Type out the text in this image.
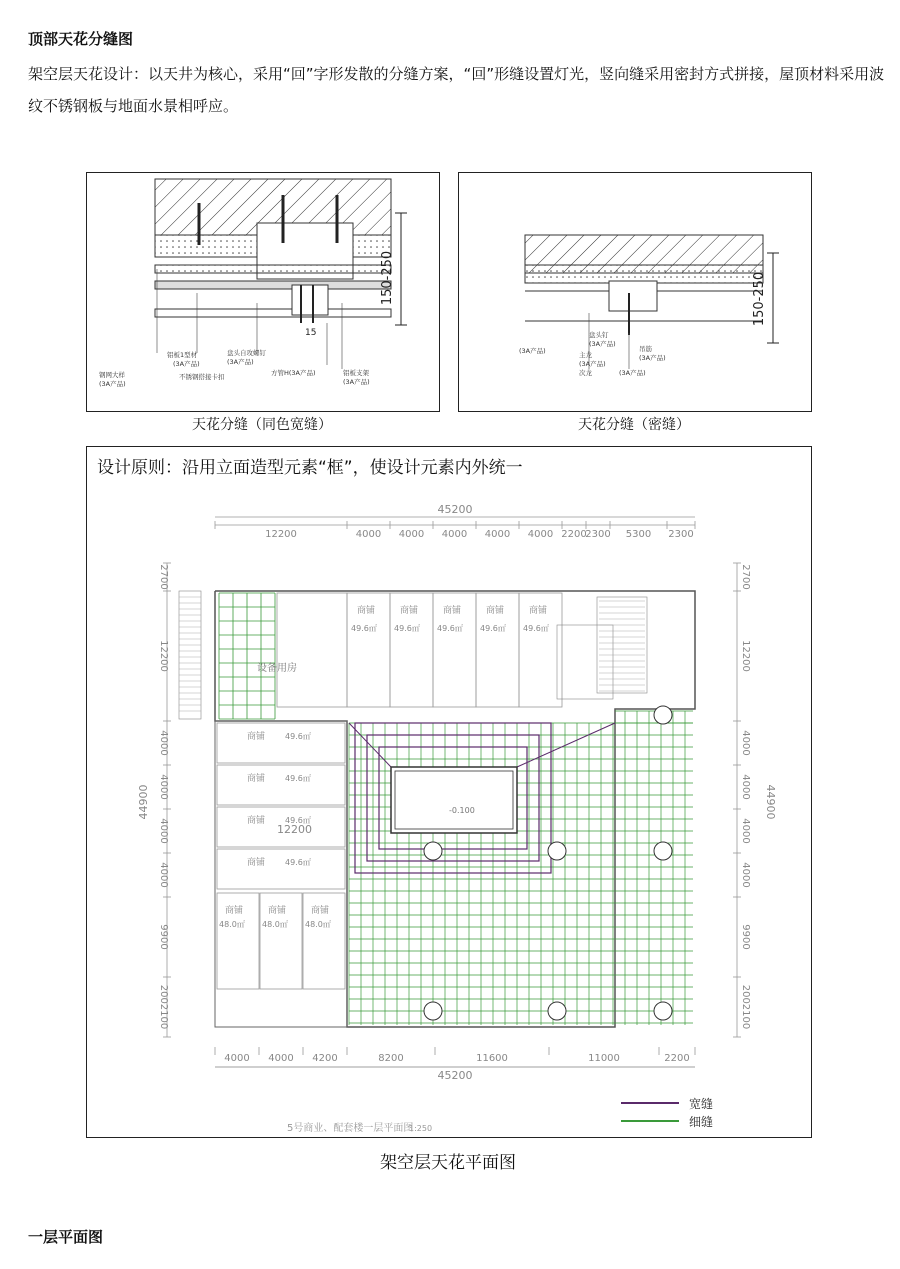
顶部天花分缝图
架空层天花设计：以天井为核心，采用“回”字形发散的分缝方案，“回”形缝设置灯光，竖向缝采用密封方式拼接，屋顶材料采用波纹不锈钢板与地面水景相呼应。
150-250
15
铝板1型材
(3A产品)
盘头自攻螺钉
(3A产品)
钢网大样
(3A产品)
不锈钢搭接卡扣	方管H(3A产品)	铝板支架
(3A产品)
天花分缝（同色宽缝）
150-250
(3A产品)
盘头钉
(3A产品)
吊筋
(3A产品)
主龙
(3A产品)
次龙	(3A产品)
天花分缝（密缝）
设计原则：沿用立面造型元素“框”，使设计元素内外统一
45200
12200	4000 4000 4000 4000 4000 2200
2300 5300 2300
4000 4000 4200	8200	11600	11000	2200
45200
2700
12200
4000
4000
4000
4000
9900
2002100
2700
12200
4000
4000
4000
4000
9900
2002100
44900	44900
设备用房
商铺
49.6㎡
商铺
49.6㎡
商铺
49.6㎡
商铺
49.6㎡
商铺
49.6㎡
商铺 49.6㎡
商铺 49.6㎡
商铺 49.6㎡
商铺 49.6㎡
商铺
48.0㎡
商铺
48.0㎡
商铺
48.0㎡
-0.100
12200
宽缝
细缝
5号商业、配套楼一层平面图
1:250
架空层天花平面图
一层平面图
